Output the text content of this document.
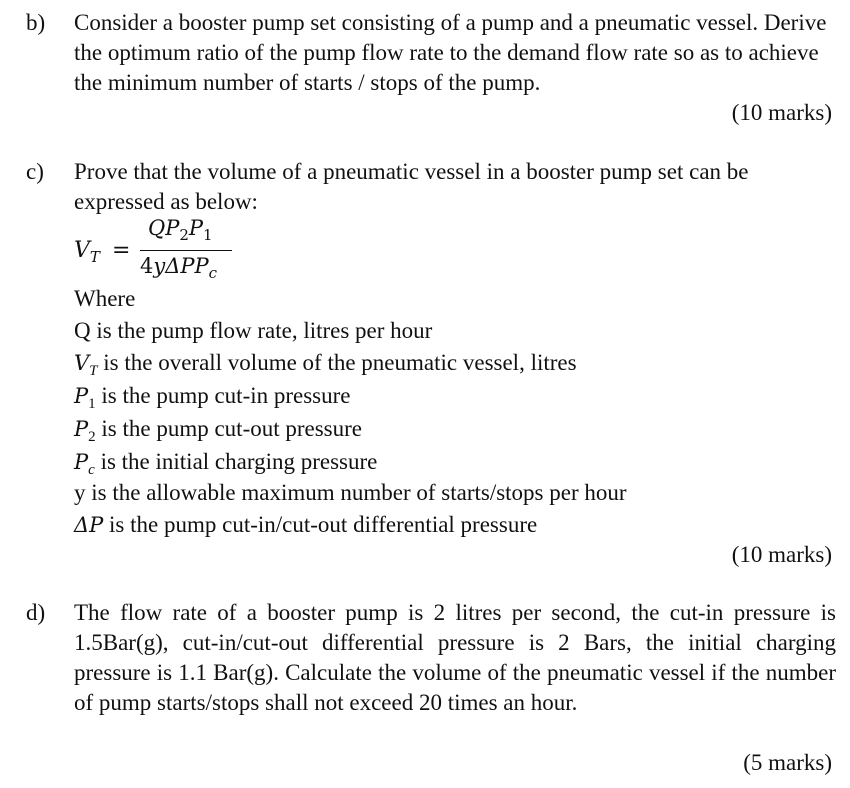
b) Consider a booster pump set consisting of a pump and a pneumatic vessel. Derive the optimum ratio of the pump flow rate to the demand flow rate so as to achieve the minimum number of starts / stops of the pump.
(10 marks)
c) Prove that the volume of a pneumatic vessel in a booster pump set can be expressed as below:
$V_T$ =
$QP_2P_1$
4yΔPP$_c$
Where
Q is the pump flow rate, litres per hour
$V_T$ is the overall volume of the pneumatic vessel, litres
$P_1$ is the pump cut-in pressure
$P_2$ is the pump cut-out pressure
$P_c$ is the initial charging pressure
y is the allowable maximum number of starts/stops per hour
ΔP is the pump cut-in/cut-out differential pressure
(10 marks)
d) The flow rate of a booster pump is 2 litres per second, the cut-in pressure is 1.5Bar(g), cut-in/cut-out differential pressure is 2 Bars, the initial charging pressure is 1.1 Bar(g). Calculate the volume of the pneumatic vessel if the number of pump starts/stops shall not exceed 20 times an hour.
(5 marks)
